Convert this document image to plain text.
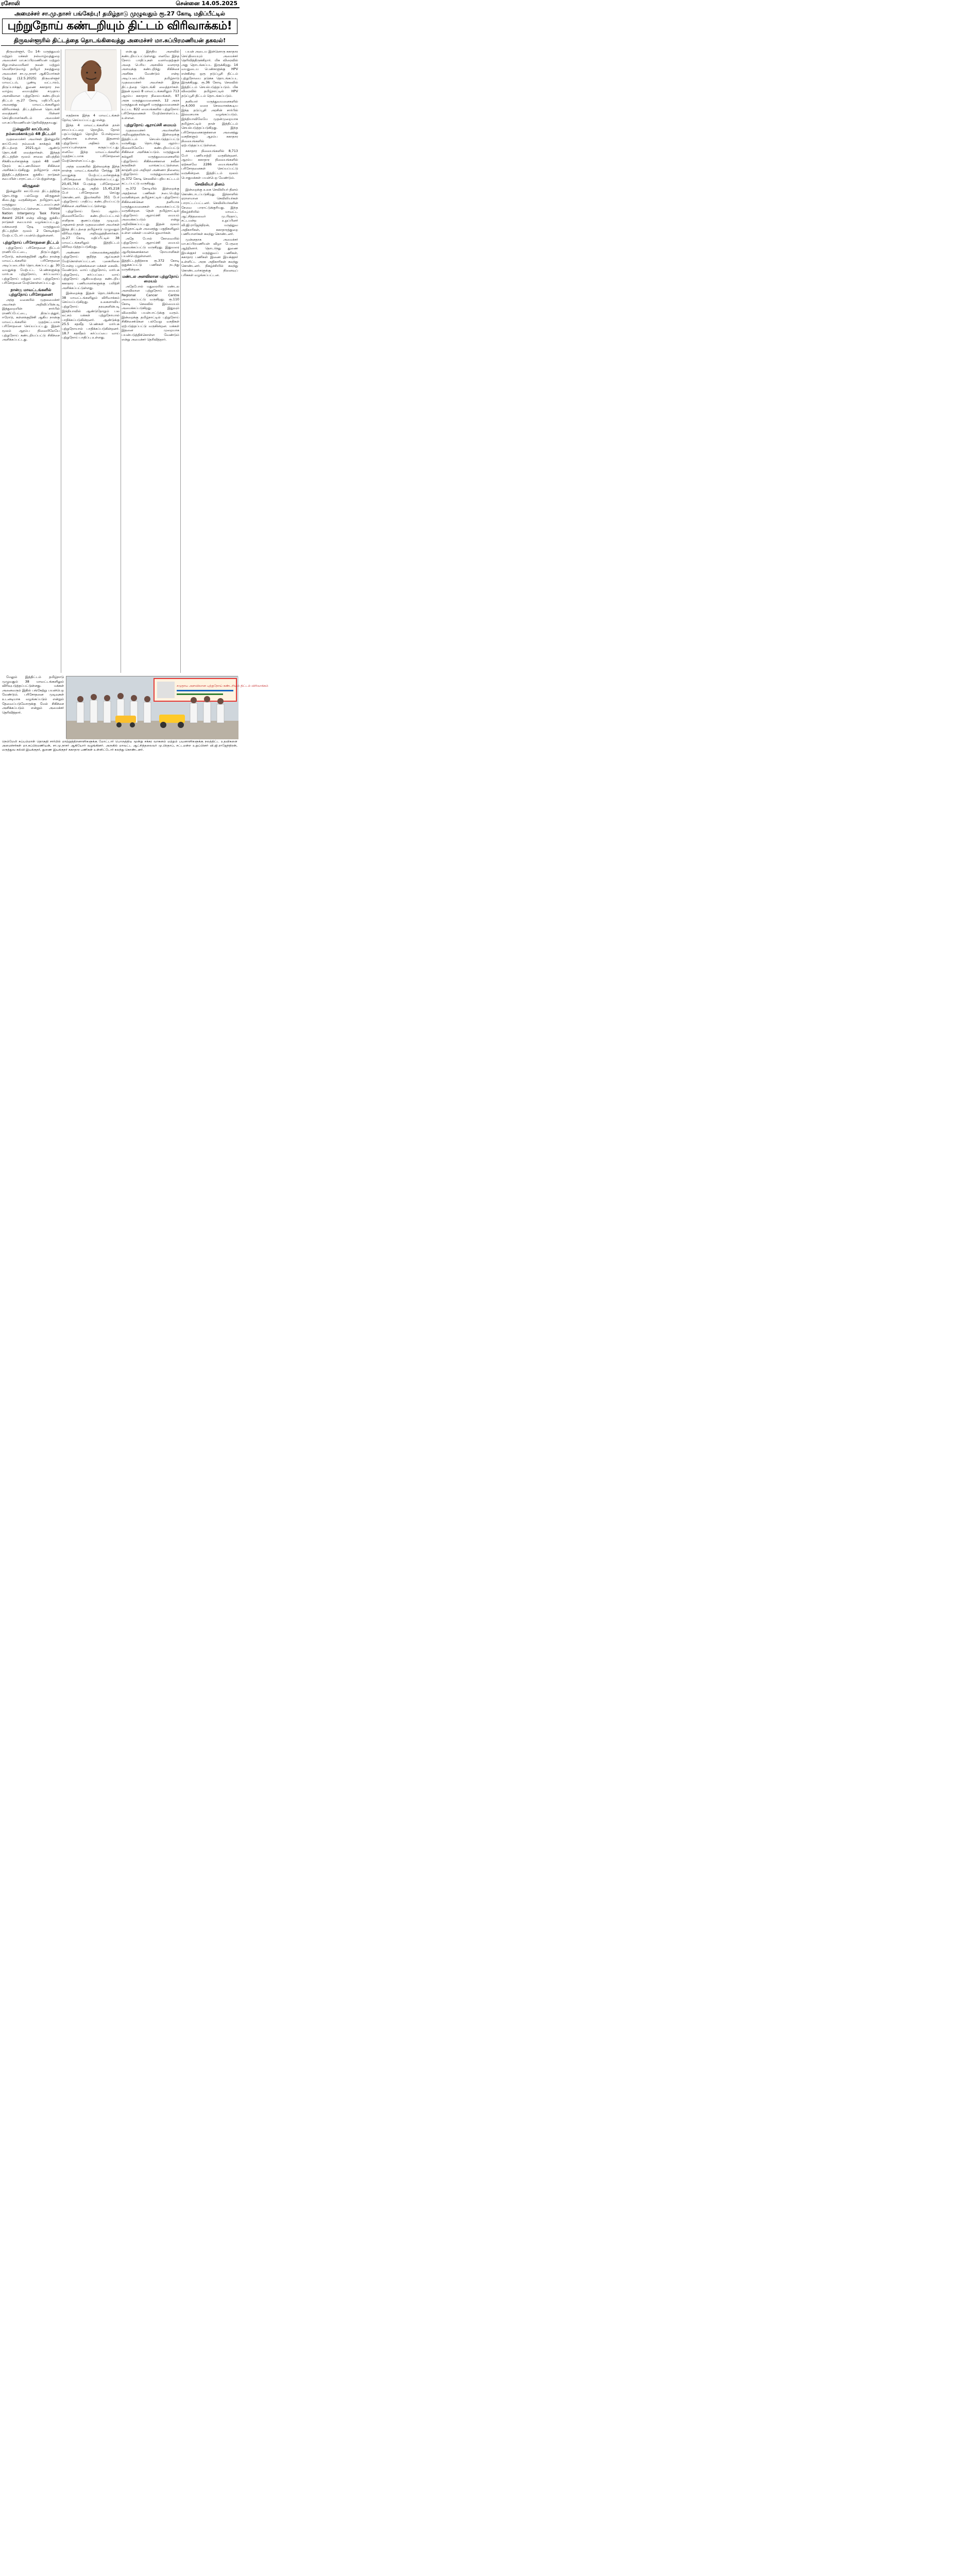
ரசோலி	சென்னை 14.05.2025
அமைச்சர் சா.மு.நாசர் பங்கேற்பு! தமிழ்நாடு முழுவதும் ரூ.27 கோடி மதிப்பீட்டில்
புற்றுநோய் கண்டறியும் திட்டம் விரிவாக்கம்!
திருவள்ளூரில் திட்டத்தை தொடங்கிவைத்து அமைச்சர் மா.சுப்பிரமணியன் தகவல்!

திருவள்ளூர், மே 14- மருத்துவம் மற்றும் மக்கள் நல்வாழ்வுத்துறை அமைச்சர் மா.சுப்பிரமணியன் மற்றும் சிறுபான்மையினர் நலன் மற்றும் வெளிநாடுவாழ் தமிழர் நலத்துறை அமைச்சர் சா.மு.நாசர் ஆகியோர்கள் நேற்று (12.5.2025) திருவள்ளூர் மாவட்டம், பூண்டி வட்டாரம், திருப்பாச்சூர், துணை சுகாதார நல வாழ்வு மையத்தில் சமுதாய அளவிலான புற்றுநோய் கண்டறியும் திட்டம் ரூ.27 கோடி மதிப்பீட்டில் அனைத்து மாவட்டங்களிலும் விரிவாக்கத் திட்டத்தினை தொடங்கி வைத்தனர். பின்னர் செய்தியாளர்களிடம் அமைச்சர் மா.சுப்பிரமணியன் தெரிவித்ததாவது:

இன்னுயிர் காப்போம் நம்மைக்காக்கும் 48 திட்டம்!

முதலமைச்சர் அவர்கள் இன்னுயிர் காப்போம் நம்மைக் காக்கும் 48 திட்டத்தை 2021ஆம் ஆண்டு தொடங்கி வைத்தார்கள். இந்தத் திட்டத்தின் மூலம் சாலை விபத்தில் சிக்கியவர்களுக்கு முதல் 48 மணி நேரம் கட்டணமில்லா சிகிச்சை அளிக்கப்படுகிறது. தமிழ்நாடு அரசு இத்திட்டத்திற்காக ஐக்கிய நாடுகள் சபையின் பாராட்டைப் பெற்றுள்ளது.

விருதுகள்

இன்னுயிர் காப்போம் திட்டத்திற்கு தொடர்ந்து பல்வேறு விருதுகள் கிடைத்து வருகின்றன. தமிழ்நாட்டில் மருத்துவ கட்டமைப்புகள் மேம்படுத்தப்பட்டுள்ளன. United Nation Intergency Task Force Award 2024 என்ற விருது ஐக்கிய நாடுகள் சபையால் வழங்கப்பட்டது. மக்களைத் தேடி மருத்துவம் திட்டத்தின் மூலம் 2 கோடிக்கும் மேற்பட்டோர் பயன்பெற்றுள்ளனர்.

புற்றுநோய் பரிசோதனை திட்டம்

புற்றுநோய் பரிசோதனை திட்டம் ராணிப்பேட்டை, திருப்பத்தூர், ஈரோடு, கள்ளக்குறிச்சி ஆகிய நான்கு மாவட்டங்களில் பரிசோதனை அடிப்படையில் தொடங்கப்பட்டது. 30 வயதுக்கு மேற்பட்ட பெண்களுக்கு மார்பக புற்றுநோய், கர்ப்பவாய் புற்றுநோய் மற்றும் வாய் புற்றுநோய் பரிசோதனை மேற்கொள்ளப்பட்டது.

நான்கு மாவட்டங்களில் புற்றுநோய் பரிசோதனை!

அந்த வகையில் முதலமைச்சர் அவர்கள் அறிவிப்பின்படி இத்துறையின் சார்பில் ராணிப்பேட்டை, திருப்பத்தூர், ஈரோடு, கள்ளக்குறிச்சி ஆகிய நான்கு மாவட்டங்களில் முதற்கட்டமாக பரிசோதனை செய்யப்பட்டது. இதன் மூலம் ஆரம்ப நிலையிலேயே புற்றுநோய் கண்டறியப்பட்டு சிகிச்சை அளிக்கப்பட்டது.

எதற்காக இந்த 4 மாவட்டங்கள் தேர்வு செய்யப்பட்டது என்று.

இந்த 4 மாவட்டங்களின் தான் சாயப்பட்டறை தொழில், தோல் பதப்படுத்தும் தொழில் போன்றவை அதிகமாக உள்ளன. இதனால் புற்றுநோய் அதிகம் ஏற்பட வாய்ப்புள்ளதாக கருதப்பட்டது. எனவே இந்த மாவட்டங்களில் முதற்கட்டமாக பரிசோதனை மேற்கொள்ளப்பட்டது.

அந்த வகையில் இன்றைக்கு இந்த நான்கு மாவட்டங்களில் சேர்த்து 18 வயதுக்கு மேற்பட்டவர்களுக்கு பரிசோதனை மேற்கொள்ளப்பட்டது. 20,45,764 பேருக்கு பரிசோதனை செய்யப்பட்டது. அதில் 15,45,218 பேர் பரிசோதனை செய்து கொண்டனர். இவர்களில் 351 பேர் புற்றுநோய் பாதிப்பு கண்டறியப்பட்டு சிகிச்சை அளிக்கப்பட்டுள்ளது.

புற்றுநோய் நோய் ஆரம்ப நிலையிலேயே கண்டறியப்பட்டால் எளிதாக குணப்படுத்த முடியும். அதனால் தான் முதலமைச்சர் அவர்கள் இந்த திட்டத்தை தமிழ்நாடு முழுவதும் விரிவுபடுத்த அறிவுறுத்தினார்கள். ரூ.27 கோடி மதிப்பீட்டில் 38 மாவட்டங்களிலும் இத்திட்டம் விரிவுபடுத்தப்படுகிறது.

அண்ணா பல்கலைக்கழகத்தில் புற்றுநோய் குறித்த ஆய்வுகள் மேற்கொள்ளப்பட்டன. புகையிலை போன்ற பழக்கங்களை மக்கள் கைவிட வேண்டும். வாய் புற்றுநோய், மார்பக புற்றுநோய், கர்ப்பப்பை வாய் புற்றுநோய் ஆகியவற்றை கண்டறிய சுகாதார பணியாளர்களுக்கு பயிற்சி அளிக்கப்பட்டுள்ளது.

இன்றைக்கு இதன் தொடர்ச்சியாக 38 மாவட்டங்களிலும் விரிவாக்கம் செய்யப்படுகிறது. உலகளாவிய புற்றுநோய் தரவுகளின்படி இந்தியாவில் ஆண்டுதோறும் பல லட்சம் மக்கள் புற்றுநோயால் பாதிக்கப்படுகின்றனர். ஆண்டுக்கு 25.5 சதவீத பெண்கள் மார்பக புற்றுநோயால் பாதிக்கப்படுகின்றனர். 18.7 சதவீதம் கர்ப்பப்பை வாய் புற்றுநோய் பாதிப்பு உள்ளது.

என்பது இந்திய அளவில் கண்டறியப்பட்டுள்ளது. எனவே இந்த நோய் பாதிப்புகள் வளர்வதற்குள் அதை பெரிய அளவில் வளராத அளவுக்கு கண்டறிந்து சிகிச்சை அளிக்க வேண்டும் என்ற அடிப்படையில் தமிழ்நாடு முதலமைச்சர் அவர்கள் இந்த திட்டத்தை தொடங்கி வைத்தார்கள். இதன் மூலம் 8 மாவட்டங்களிலும் 713 ஆரம்ப சுகாதார நிலையங்கள், 97 அரசு மருத்துவமனைகள், 12 அரசு மருத்துவக் கல்லூரி மருத்துவமனைகள் உட்பட 822 மையங்களில் புற்றுநோய் பரிசோதனைகள் மேற்கொள்ளப்பட உள்ளன.

புற்றுநோய் ஆராய்ச்சி மையம்

முதலமைச்சர் அவர்களின் அறிவுறுத்தலின்படி இன்றைக்கு இத்திட்டம் செயல்படுத்தப்பட்டு வருகிறது. தொடர்ந்து ஆரம்ப நிலையிலேயே கண்டறியப்பட்டு சிகிச்சை அளிக்கப்படும். மருத்துவக் கல்லூரி மருத்துவமனைகளில் புற்றுநோய் சிகிச்சைக்கான நவீன கருவிகள் வாங்கப்பட்டுள்ளன. காஞ்சிபுரம் அறிஞர் அண்ணா நினைவு புற்றுநோய் மருத்துவமனையில் ரூ.372 கோடி செலவில் புதிய கட்டடம் கட்டப்பட்டு வருகிறது.

ரூ.372 கோடியில் இன்றைக்கு அதற்கான பணிகள் நடைபெற்று வருகின்றன. தமிழ்நாட்டில் புற்றுநோய் சிகிச்சைக்கென தனியாக மருத்துவமனைகள் அமைக்கப்பட்டு வருகின்றன. தென் தமிழ்நாட்டில் புற்றுநோய் ஆராய்ச்சி மையம் அமைக்கப்படும் என்று அறிவிக்கப்பட்டது. இதன் மூலம் தமிழ்நாட்டின் அனைத்து பகுதிகளிலும் உள்ள மக்கள் பயன்பெறுவார்கள்.

அதே போல் கோவையில் புற்றுநோய் ஆராய்ச்சி மையம் அமைக்கப்பட்டு வருகிறது. இதுவரை ஆயிரக்கணக்கான நோயாளிகள் பயன்பெற்றுள்ளனர். இத்திட்டத்திற்காக ரூ.372 கோடி ஒதுக்கப்பட்டு பணிகள் நடந்து வருகின்றன.

மண்டல அளவிலான புற்றுநோய் மையம்

அதேபோல் மதுரையில் மண்டல அளவிலான புற்றுநோய் மையம் Regional Cancer Centre அமைக்கப்பட்டு வருகிறது. ரூ.110 கோடி செலவில் இம்மையம் அமைக்கப்படுகிறது. இதுவும் விரைவில் பயன்பாட்டுக்கு வரும். இன்றைக்கு தமிழ்நாட்டில் புற்றுநோய் சிகிச்சைக்கென பல்வேறு வசதிகள் ஏற்படுத்தப்பட்டு வருகின்றன. மக்கள் இதனை முறையாக பயன்படுத்திக்கொள்ள வேண்டும் என்று அமைச்சர் தெரிவித்தார்.

பயன் அடைய இன்னொரு சுகாதார செய்தியையும் அமைச்சர் தெரிவித்திருக்கிறார். மிக விரைவில் அது தொடங்கப்பட இருக்கிறது. 14 வயதுடைய பெண்களுக்கு HPV என்கின்ற ஒரு தடுப்பூசி திட்டம் புற்றுநோயை தடுக்க தொடங்கப்பட இருக்கிறது. ரூ.36 கோடி செலவில் இத்திட்டம் செயல்படுத்தப்படும். மிக விரைவில் தமிழ்நாட்டில் HPV தடுப்பூசி திட்டம் தொடங்கப்படும்.

தனியார் மருத்துவமனைகளில் ரூ.4,000 வரை செலவாகக்கூடிய இந்த தடுப்பூசி அரசின் சார்பில் இலவசமாக வழங்கப்படும். இந்தியாவிலேயே முதன்முறையாக தமிழ்நாட்டில் தான் இத்திட்டம் செயல்படுத்தப்படுகிறது. இந்த பரிசோதனைகளுக்கான அனைத்து வசதிகளும் ஆரம்ப சுகாதார நிலையங்களில் ஏற்படுத்தப்பட்டுள்ளன.

சுகாதார நிலையங்களில் 8,713 பேர் பணியாற்றி வருகின்றனர். ஆரம்ப சுகாதார நிலையங்களில் ஏற்கனவே 2286 மையங்களில் பரிசோதனைகள் செய்யப்பட்டு வருகின்றன. இத்திட்டம் மூலம் பொதுமக்கள் பயன்பெற வேண்டும்.

செவிலியர் தினம்

இன்றைக்கு உலக செவிலியர் தினம் கொண்டாடப்படுகிறது. இந்நாளில் ஏராளமான செவிலியர்கள் பாராட்டப்பட்டனர். செவிலியர்களின் சேவை பாராட்டுக்குரியது. இந்த நிகழ்ச்சியில் மாவட்ட ஆட்சித்தலைவர் மு.பிரதாப், சட்டமன்ற உறுப்பினர் வி.ஜி.ராஜேந்திரன், மருத்துவ அதிகாரிகள், சுகாதாரத்துறை பணியாளர்கள் கலந்து கொண்டனர்.

முன்னதாக அமைச்சர் மா.சுப்பிரமணியன் விழா பேருரை ஆற்றினார். தொடர்ந்து துணை இயக்குநர் மருத்துவப் பணிகள், சுகாதார பணிகள் இணை இயக்குநர் உள்ளிட்ட அரசு அதிகாரிகள் கலந்து கொண்டனர். நிகழ்ச்சியில் கலந்து கொண்டவர்களுக்கு நினைவுப் பரிசுகள் வழங்கப்பட்டன.

மேலும் இத்திட்டம் தமிழ்நாடு முழுவதும் 38 மாவட்டங்களிலும் விரிவுபடுத்தப்பட்டுள்ளது. மக்கள் அனைவரும் இதில் பங்கேற்று பயன்பெற வேண்டும். பரிசோதனை முடிவுகள் உடனடியாக வழங்கப்படும் என்றும் தேவைப்படுவோருக்கு மேல் சிகிச்சை அளிக்கப்படும் என்றும் அமைச்சர் தெரிவித்தார்.

சமுதாய அளவிலான புற்றுநோய் கண்டறியும் திட்டம் விரிவாக்கம்
நெம்மேலி சுப்பம்மாள் தொகுதி சார்பில் மாற்றுத்திறனாளிகளுக்கு மோட்டார் பொருத்திய மூன்று சக்கர வாகனம் மற்றும் பயனாளிகளுக்கு நலத்திட்ட உதவிகளை அமைச்சர்கள் மா.சுப்பிரமணியன், சா.மு.நாசர் ஆகியோர் வழங்கினர். அருகில் மாவட்ட ஆட்சித்தலைவர் மு.பிரதாப், சட்டமன்ற உறுப்பினர் வி.ஜி.ராஜேந்திரன், மருத்துவ கல்வி இயக்குநர், துணை இயக்குநர் சுகாதார பணிகள் உள்ளிட்டோர் கலந்து கொண்டனர்.
